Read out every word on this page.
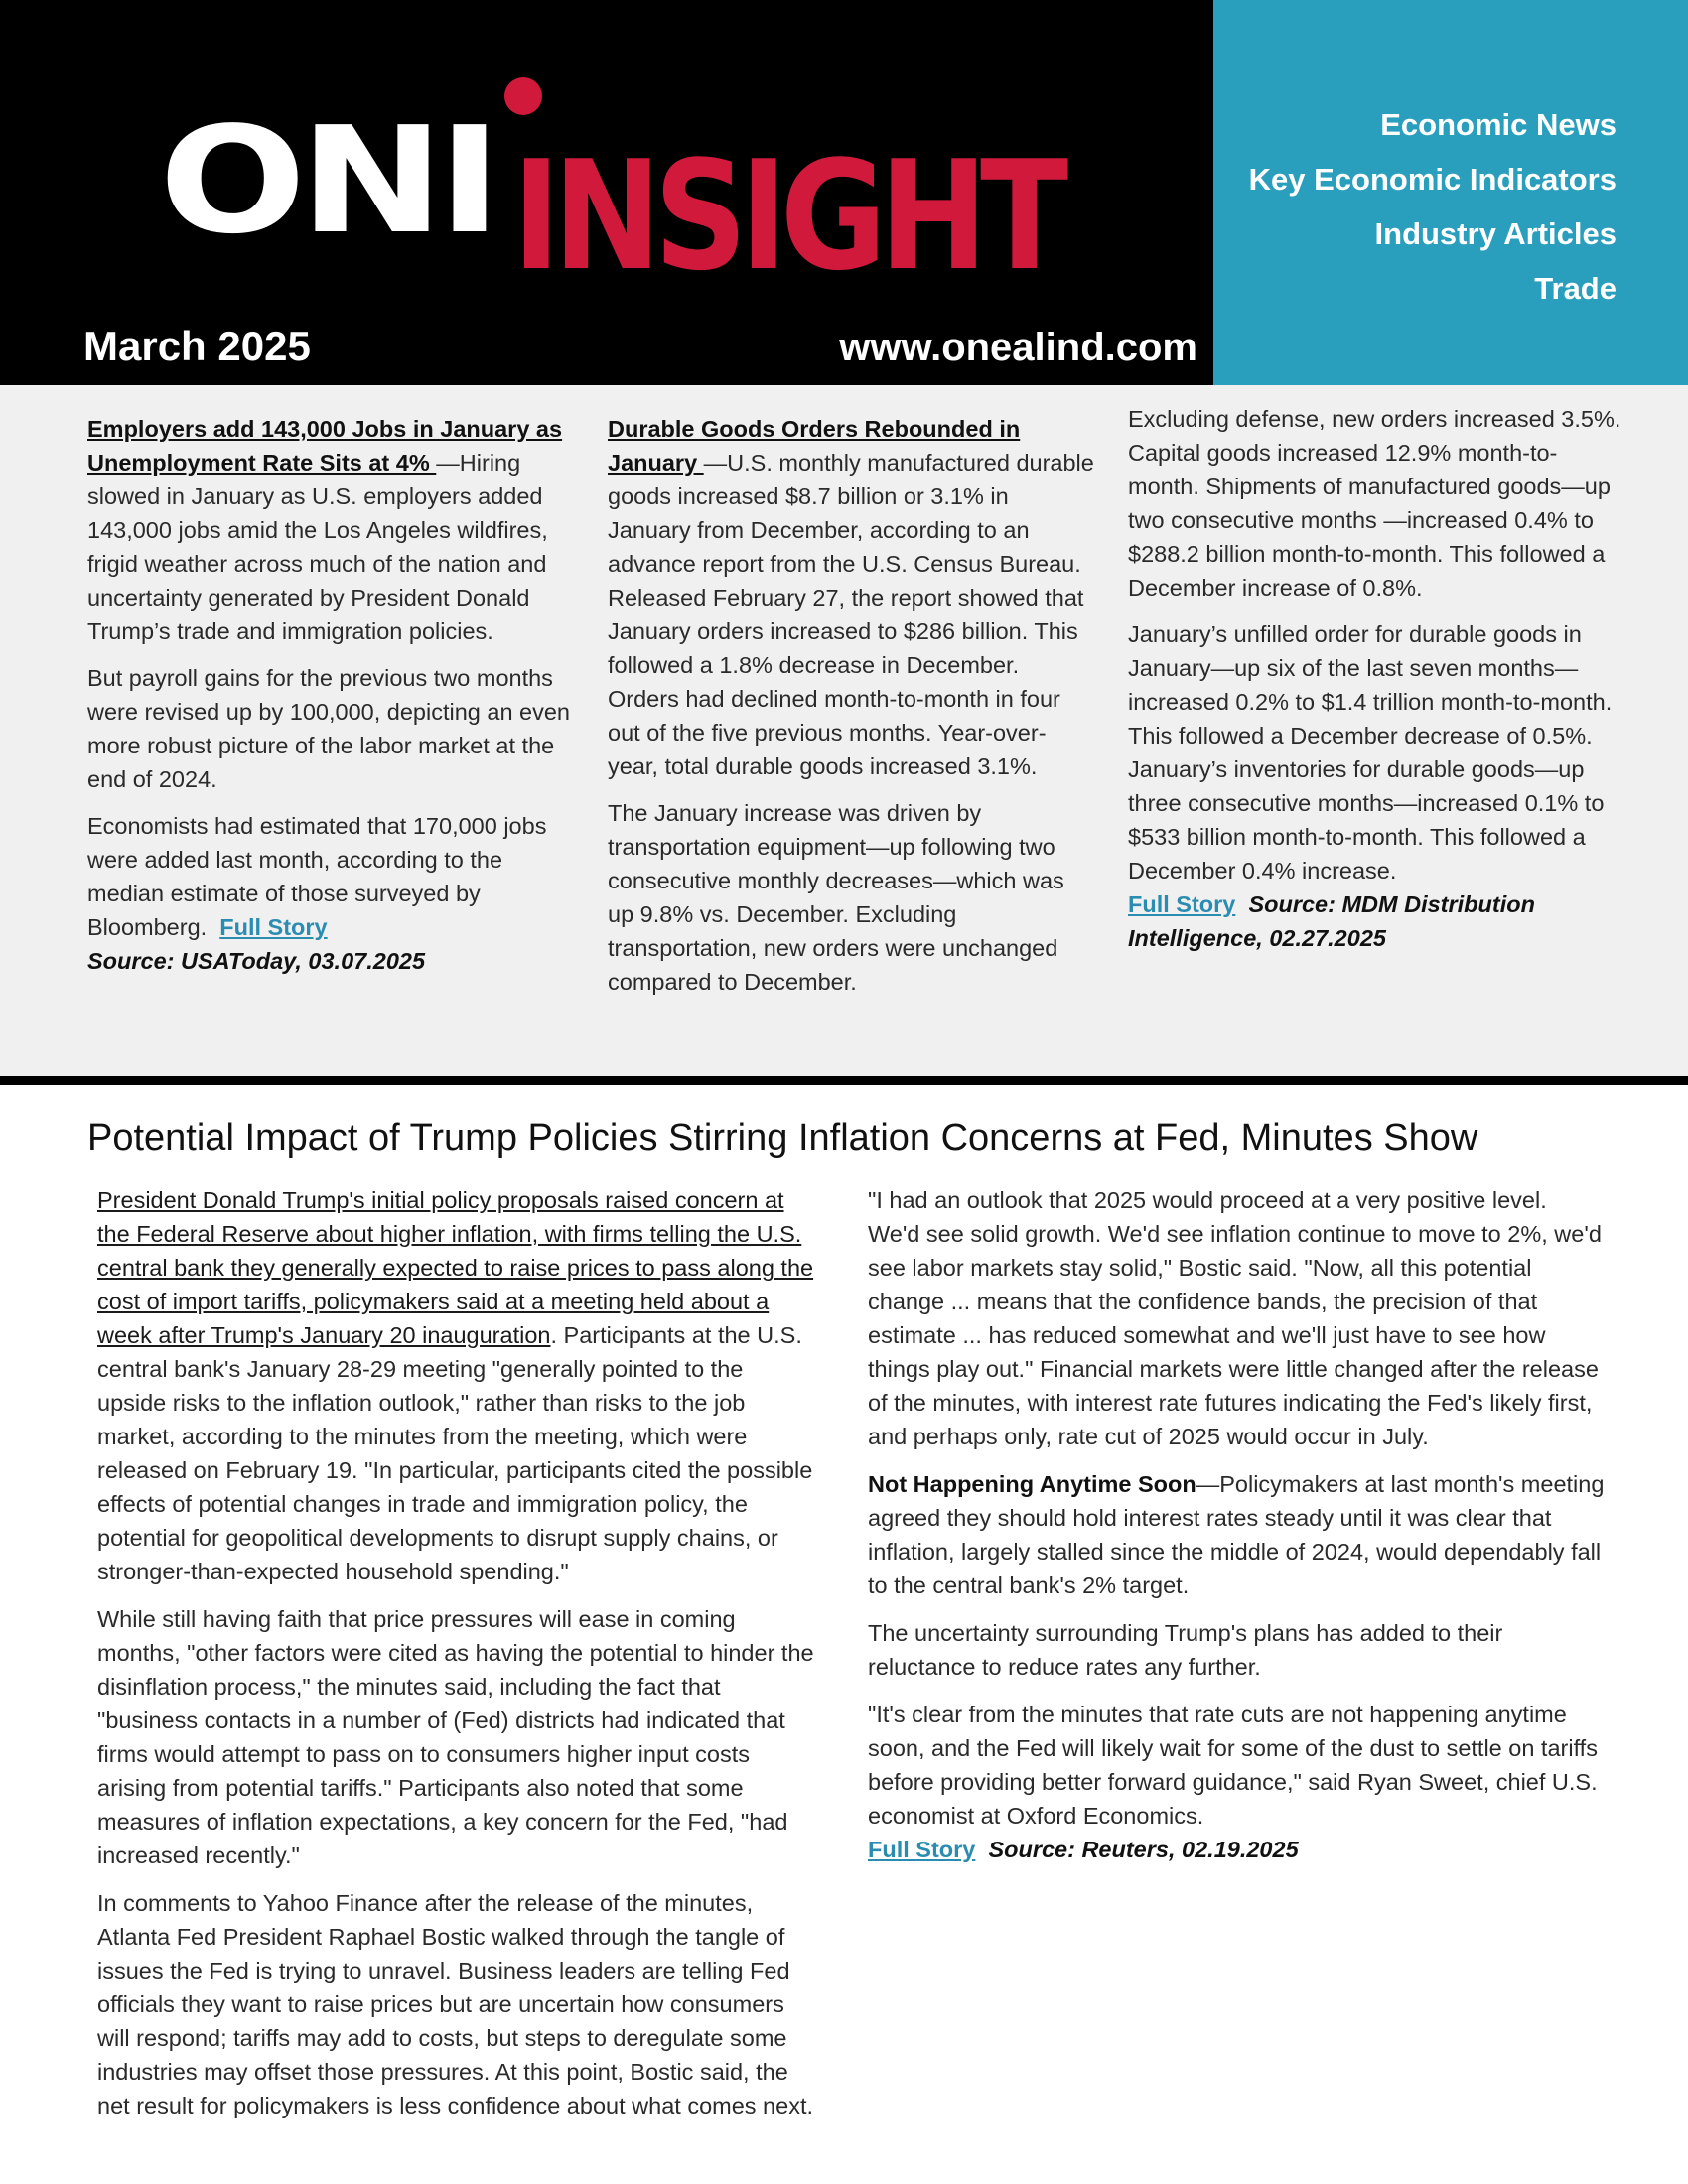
ONI INSIGHT
March 2025	www.onealind.com
Economic News
Key Economic Indicators
Industry Articles
Trade

Employers add 143,000 Jobs in January as Unemployment Rate Sits at 4% —Hiring slowed in January as U.S. employers added 143,000 jobs amid the Los Angeles wildfires, frigid weather across much of the nation and uncertainty generated by President Donald Trump’s trade and immigration policies.

But payroll gains for the previous two months were revised up by 100,000, depicting an even more robust picture of the labor market at the end of 2024.

Economists had estimated that 170,000 jobs were added last month, according to the median estimate of those surveyed by Bloomberg. Full Story
Source: USAToday, 03.07.2025

Durable Goods Orders Rebounded in January —U.S. monthly manufactured durable goods increased $8.7 billion or 3.1% in January from December, according to an advance report from the U.S. Census Bureau. Released February 27, the report showed that January orders increased to $286 billion. This followed a 1.8% decrease in December. Orders had declined month-to-month in four out of the five previous months. Year-over-year, total durable goods increased 3.1%.

The January increase was driven by transportation equipment—up following two consecutive monthly decreases—which was up 9.8% vs. December. Excluding transportation, new orders were unchanged compared to December.

Excluding defense, new orders increased 3.5%. Capital goods increased 12.9% month-to-month. Shipments of manufactured goods—up two consecutive months —increased 0.4% to $288.2 billion month-to-month. This followed a December increase of 0.8%.

January’s unfilled order for durable goods in January—up six of the last seven months—increased 0.2% to $1.4 trillion month-to-month. This followed a December decrease of 0.5%. January’s inventories for durable goods—up three consecutive months—increased 0.1% to $533 billion month-to-month. This followed a December 0.4% increase.

Full Story Source: MDM Distribution Intelligence, 02.27.2025

Potential Impact of Trump Policies Stirring Inflation Concerns at Fed, Minutes Show

President Donald Trump's initial policy proposals raised concern at the Federal Reserve about higher inflation, with firms telling the U.S. central bank they generally expected to raise prices to pass along the cost of import tariffs, policymakers said at a meeting held about a week after Trump's January 20 inauguration. Participants at the U.S. central bank's January 28-29 meeting "generally pointed to the upside risks to the inflation outlook," rather than risks to the job market, according to the minutes from the meeting, which were released on February 19. "In particular, participants cited the possible effects of potential changes in trade and immigration policy, the potential for geopolitical developments to disrupt supply chains, or stronger-than-expected household spending."

While still having faith that price pressures will ease in coming months, "other factors were cited as having the potential to hinder the disinflation process," the minutes said, including the fact that "business contacts in a number of (Fed) districts had indicated that firms would attempt to pass on to consumers higher input costs arising from potential tariffs." Participants also noted that some measures of inflation expectations, a key concern for the Fed, "had increased recently."

In comments to Yahoo Finance after the release of the minutes, Atlanta Fed President Raphael Bostic walked through the tangle of issues the Fed is trying to unravel. Business leaders are telling Fed officials they want to raise prices but are uncertain how consumers will respond; tariffs may add to costs, but steps to deregulate some industries may offset those pressures. At this point, Bostic said, the net result for policymakers is less confidence about what comes next.

"I had an outlook that 2025 would proceed at a very positive level. We'd see solid growth. We'd see inflation continue to move to 2%, we'd see labor markets stay solid," Bostic said. "Now, all this potential change ... means that the confidence bands, the precision of that estimate ... has reduced somewhat and we'll just have to see how things play out." Financial markets were little changed after the release of the minutes, with interest rate futures indicating the Fed's likely first, and perhaps only, rate cut of 2025 would occur in July.

Not Happening Anytime Soon—Policymakers at last month's meeting agreed they should hold interest rates steady until it was clear that inflation, largely stalled since the middle of 2024, would dependably fall to the central bank's 2% target.

The uncertainty surrounding Trump's plans has added to their reluctance to reduce rates any further.

"It's clear from the minutes that rate cuts are not happening anytime soon, and the Fed will likely wait for some of the dust to settle on tariffs before providing better forward guidance," said Ryan Sweet, chief U.S. economist at Oxford Economics.
Full Story Source: Reuters, 02.19.2025
